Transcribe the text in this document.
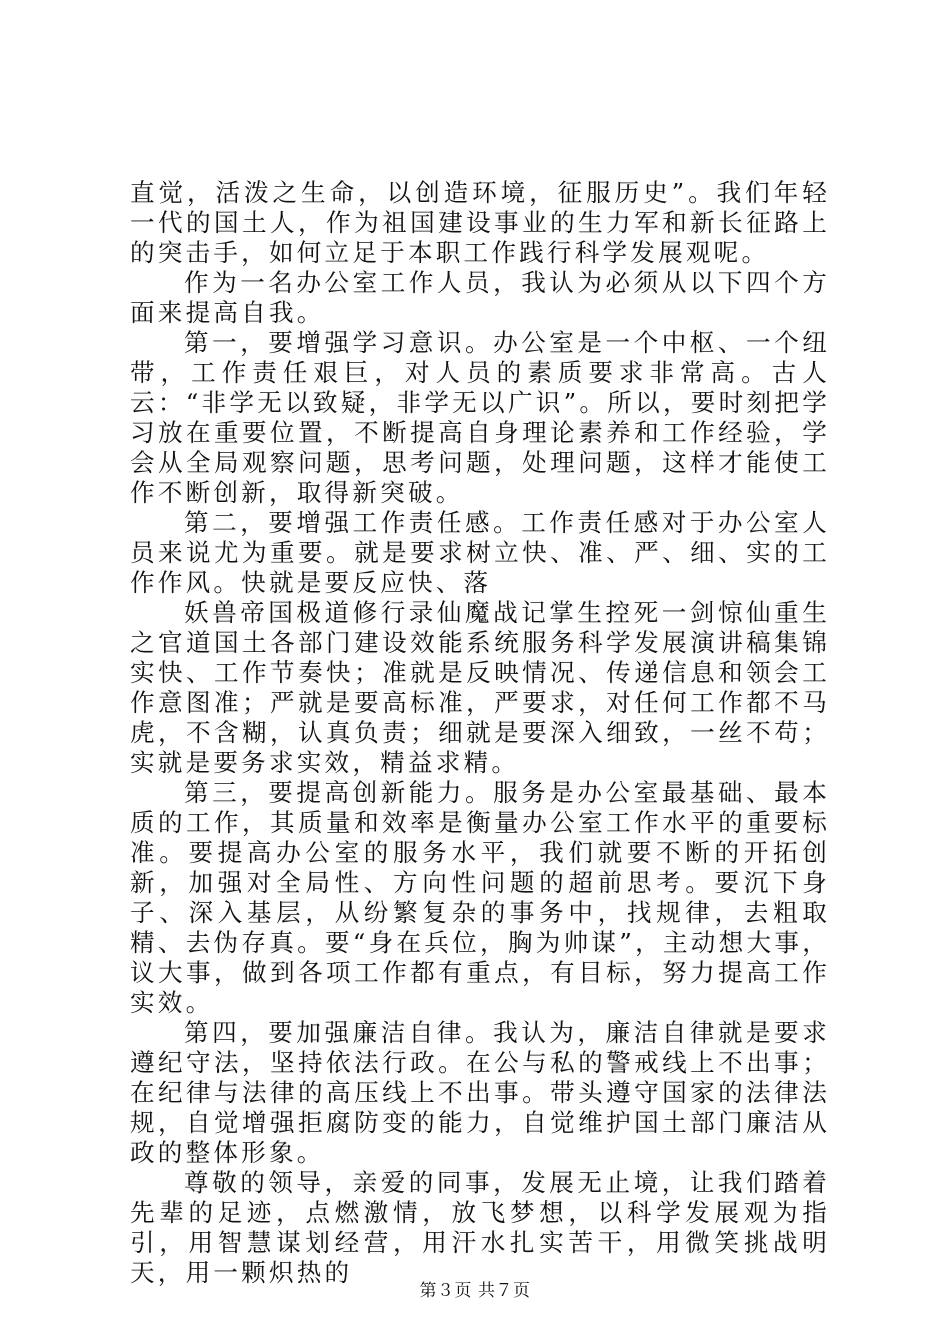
直觉，活泼之生命，以创造环境，征服历史”。我们年轻一代的国土人，作为祖国建设事业的生力军和新长征路上的突击手，如何立足于本职工作践行科学发展观呢。

作为一名办公室工作人员，我认为必须从以下四个方面来提高自我。

第一，要增强学习意识。办公室是一个中枢、一个纽带，工作责任艰巨，对人员的素质要求非常高。古人云：“非学无以致疑，非学无以广识”。所以，要时刻把学习放在重要位置，不断提高自身理论素养和工作经验，学会从全局观察问题，思考问题，处理问题，这样才能使工作不断创新，取得新突破。

第二，要增强工作责任感。工作责任感对于办公室人员来说尤为重要。就是要求树立快、准、严、细、实的工作作风。快就是要反应快、落

妖兽帝国极道修行录仙魔战记掌生控死一剑惊仙重生之官道国土各部门建设效能系统服务科学发展演讲稿集锦实快、工作节奏快；准就是反映情况、传递信息和领会工作意图准；严就是要高标准，严要求，对任何工作都不马虎，不含糊，认真负责；细就是要深入细致，一丝不苟；实就是要务求实效，精益求精。

第三，要提高创新能力。服务是办公室最基础、最本质的工作，其质量和效率是衡量办公室工作水平的重要标准。要提高办公室的服务水平，我们就要不断的开拓创新，加强对全局性、方向性问题的超前思考。要沉下身子、深入基层，从纷繁复杂的事务中，找规律，去粗取精、去伪存真。要“身在兵位，胸为帅谋”，主动想大事，议大事，做到各项工作都有重点，有目标，努力提高工作实效。

第四，要加强廉洁自律。我认为，廉洁自律就是要求遵纪守法，坚持依法行政。在公与私的警戒线上不出事；在纪律与法律的高压线上不出事。带头遵守国家的法律法规，自觉增强拒腐防变的能力，自觉维护国土部门廉洁从政的整体形象。

尊敬的领导，亲爱的同事，发展无止境，让我们踏着先辈的足迹，点燃激情，放飞梦想，以科学发展观为指引，用智慧谋划经营，用汗水扎实苦干，用微笑挑战明天，用一颗炽热的

第３页 共７页
